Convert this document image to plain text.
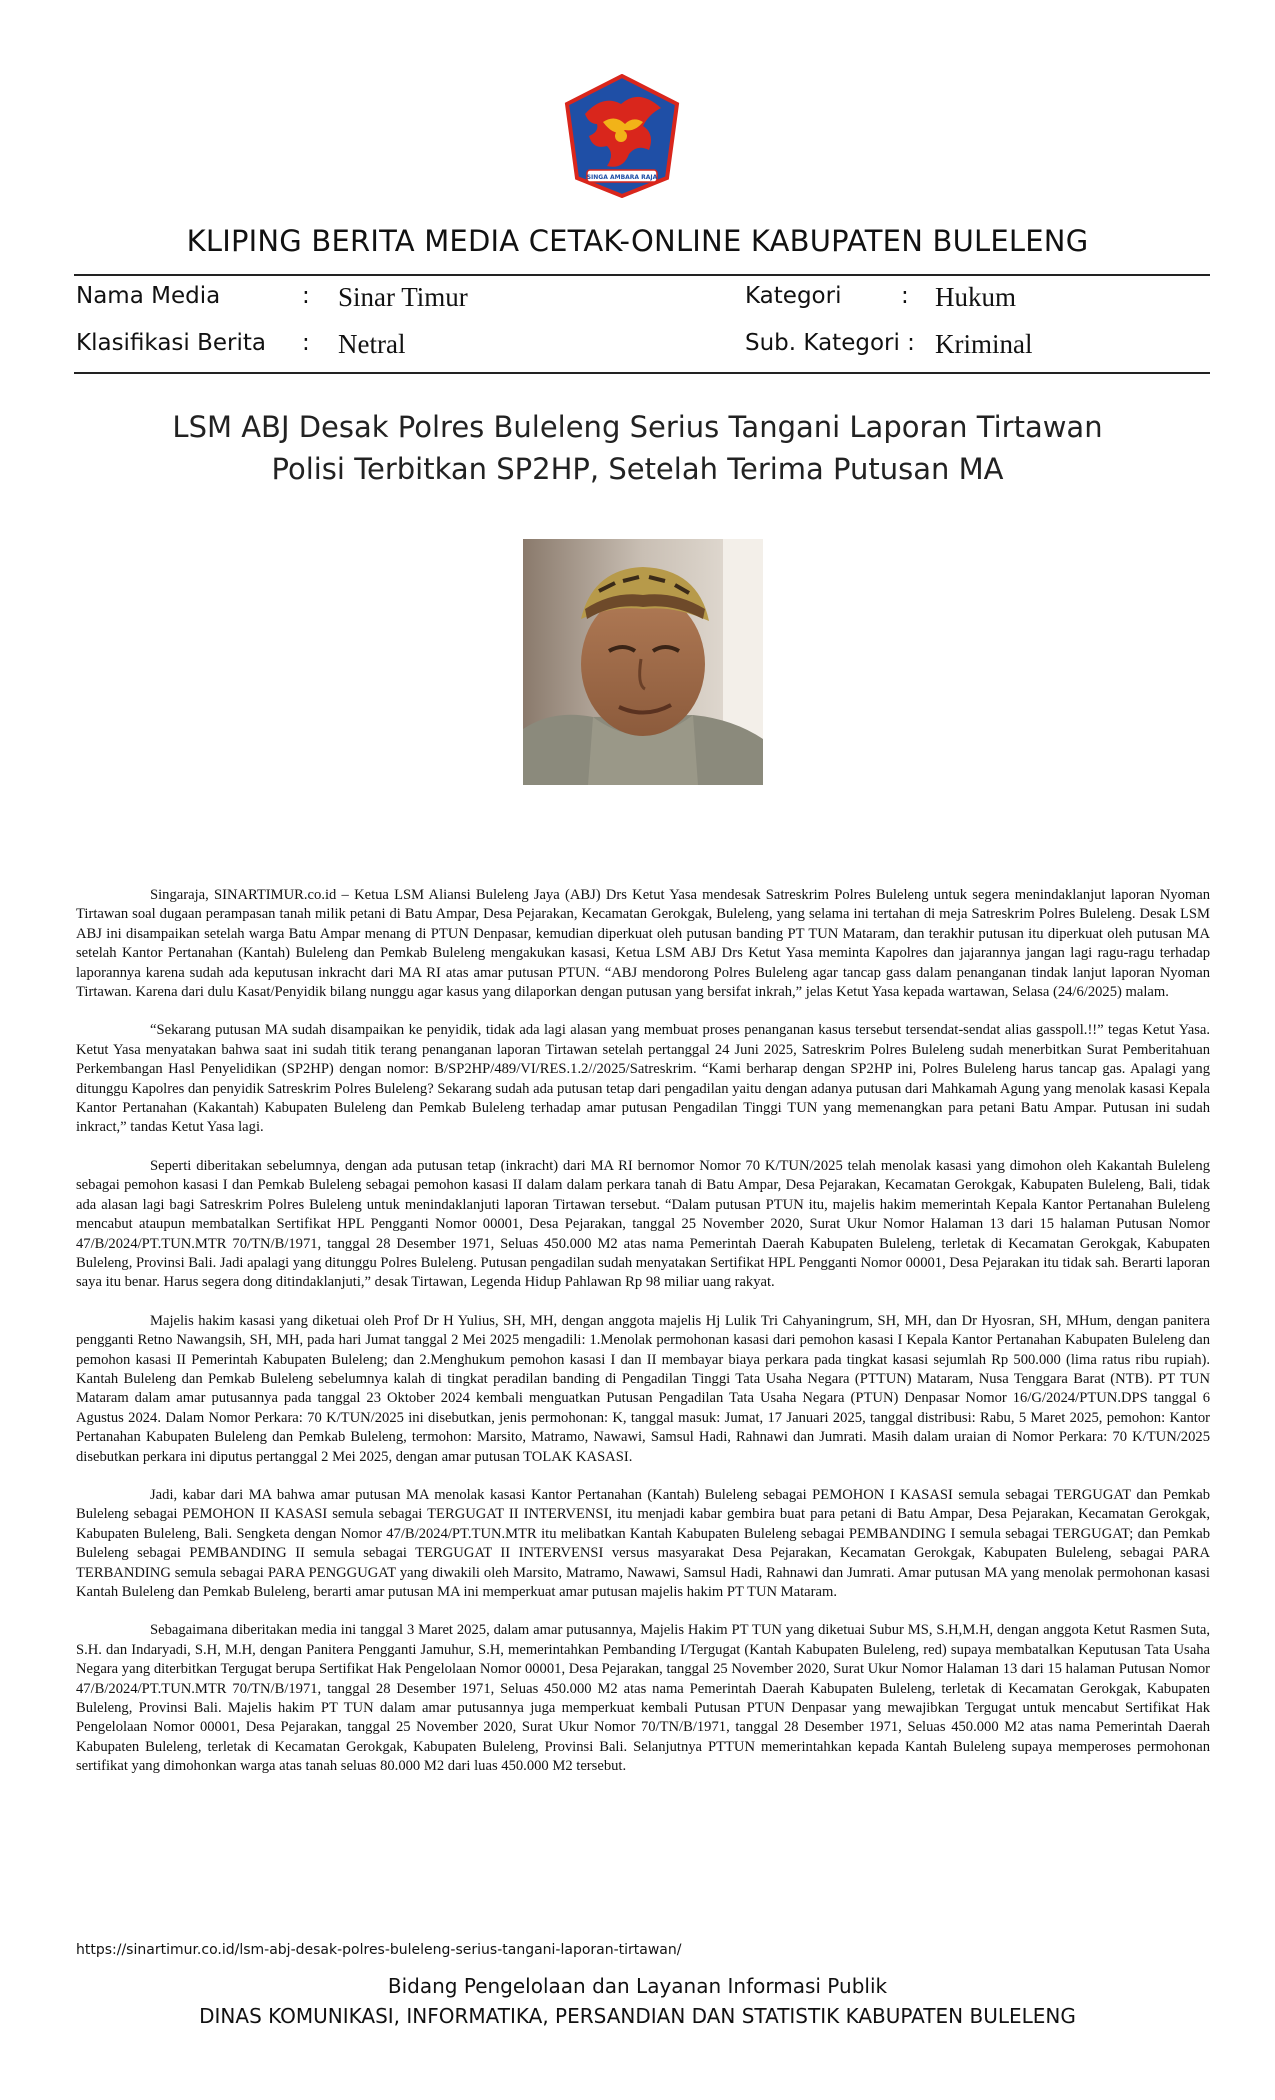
SINGA AMBARA RAJA
KLIPING BERITA MEDIA CETAK-ONLINE KABUPATEN BULELENG
Nama Media	: Sinar Timur	Kategori	: Hukum
Klasifikasi Berita : Netral	Sub. Kategori : Kriminal
LSM ABJ Desak Polres Buleleng Serius Tangani Laporan Tirtawan
Polisi Terbitkan SP2HP, Setelah Terima Putusan MA

Singaraja, SINARTIMUR.co.id – Ketua LSM Aliansi Buleleng Jaya (ABJ) Drs Ketut Yasa mendesak Satreskrim Polres Buleleng untuk segera menindaklanjut laporan Nyoman Tirtawan soal dugaan perampasan tanah milik petani di Batu Ampar, Desa Pejarakan, Kecamatan Gerokgak, Buleleng, yang selama ini tertahan di meja Satreskrim Polres Buleleng. Desak LSM ABJ ini disampaikan setelah warga Batu Ampar menang di PTUN Denpasar, kemudian diperkuat oleh putusan banding PT TUN Mataram, dan terakhir putusan itu diperkuat oleh putusan MA setelah Kantor Pertanahan (Kantah) Buleleng dan Pemkab Buleleng mengakukan kasasi, Ketua LSM ABJ Drs Ketut Yasa meminta Kapolres dan jajarannya jangan lagi ragu-ragu terhadap laporannya karena sudah ada keputusan inkracht dari MA RI atas amar putusan PTUN. “ABJ mendorong Polres Buleleng agar tancap gass dalam penanganan tindak lanjut laporan Nyoman Tirtawan. Karena dari dulu Kasat/Penyidik bilang nunggu agar kasus yang dilaporkan dengan putusan yang bersifat inkrah,” jelas Ketut Yasa kepada wartawan, Selasa (24/6/2025) malam.

“Sekarang putusan MA sudah disampaikan ke penyidik, tidak ada lagi alasan yang membuat proses penanganan kasus tersebut tersendat-sendat alias gasspoll.!!” tegas Ketut Yasa. Ketut Yasa menyatakan bahwa saat ini sudah titik terang penanganan laporan Tirtawan setelah pertanggal 24 Juni 2025, Satreskrim Polres Buleleng sudah menerbitkan Surat Pemberitahuan Perkembangan Hasl Penyelidikan (SP2HP) dengan nomor: B/SP2HP/489/VI/RES.1.2//2025/Satreskrim. “Kami berharap dengan SP2HP ini, Polres Buleleng harus tancap gas. Apalagi yang ditunggu Kapolres dan penyidik Satreskrim Polres Buleleng? Sekarang sudah ada putusan tetap dari pengadilan yaitu dengan adanya putusan dari Mahkamah Agung yang menolak kasasi Kepala Kantor Pertanahan (Kakantah) Kabupaten Buleleng dan Pemkab Buleleng terhadap amar putusan Pengadilan Tinggi TUN yang memenangkan para petani Batu Ampar. Putusan ini sudah inkract,” tandas Ketut Yasa lagi.

Seperti diberitakan sebelumnya, dengan ada putusan tetap (inkracht) dari MA RI bernomor Nomor 70 K/TUN/2025 telah menolak kasasi yang dimohon oleh Kakantah Buleleng sebagai pemohon kasasi I dan Pemkab Buleleng sebagai pemohon kasasi II dalam dalam perkara tanah di Batu Ampar, Desa Pejarakan, Kecamatan Gerokgak, Kabupaten Buleleng, Bali, tidak ada alasan lagi bagi Satreskrim Polres Buleleng untuk menindaklanjuti laporan Tirtawan tersebut. “Dalam putusan PTUN itu, majelis hakim memerintah Kepala Kantor Pertanahan Buleleng mencabut ataupun membatalkan Sertifikat HPL Pengganti Nomor 00001, Desa Pejarakan, tanggal 25 November 2020, Surat Ukur Nomor Halaman 13 dari 15 halaman Putusan Nomor 47/B/2024/PT.TUN.MTR 70/TN/B/1971, tanggal 28 Desember 1971, Seluas 450.000 M2 atas nama Pemerintah Daerah Kabupaten Buleleng, terletak di Kecamatan Gerokgak, Kabupaten Buleleng, Provinsi Bali. Jadi apalagi yang ditunggu Polres Buleleng. Putusan pengadilan sudah menyatakan Sertifikat HPL Pengganti Nomor 00001, Desa Pejarakan itu tidak sah. Berarti laporan saya itu benar. Harus segera dong ditindaklanjuti,” desak Tirtawan, Legenda Hidup Pahlawan Rp 98 miliar uang rakyat.

Majelis hakim kasasi yang diketuai oleh Prof Dr H Yulius, SH, MH, dengan anggota majelis Hj Lulik Tri Cahyaningrum, SH, MH, dan Dr Hyosran, SH, MHum, dengan panitera pengganti Retno Nawangsih, SH, MH, pada hari Jumat tanggal 2 Mei 2025 mengadili: 1.Menolak permohonan kasasi dari pemohon kasasi I Kepala Kantor Pertanahan Kabupaten Buleleng dan pemohon kasasi II Pemerintah Kabupaten Buleleng; dan 2.Menghukum pemohon kasasi I dan II membayar biaya perkara pada tingkat kasasi sejumlah Rp 500.000 (lima ratus ribu rupiah). Kantah Buleleng dan Pemkab Buleleng sebelumnya kalah di tingkat peradilan banding di Pengadilan Tinggi Tata Usaha Negara (PTTUN) Mataram, Nusa Tenggara Barat (NTB). PT TUN Mataram dalam amar putusannya pada tanggal 23 Oktober 2024 kembali menguatkan Putusan Pengadilan Tata Usaha Negara (PTUN) Denpasar Nomor 16/G/2024/PTUN.DPS tanggal 6 Agustus 2024. Dalam Nomor Perkara: 70 K/TUN/2025 ini disebutkan, jenis permohonan: K, tanggal masuk: Jumat, 17 Januari 2025, tanggal distribusi: Rabu, 5 Maret 2025, pemohon: Kantor Pertanahan Kabupaten Buleleng dan Pemkab Buleleng, termohon: Marsito, Matramo, Nawawi, Samsul Hadi, Rahnawi dan Jumrati. Masih dalam uraian di Nomor Perkara: 70 K/TUN/2025 disebutkan perkara ini diputus pertanggal 2 Mei 2025, dengan amar putusan TOLAK KASASI.

Jadi, kabar dari MA bahwa amar putusan MA menolak kasasi Kantor Pertanahan (Kantah) Buleleng sebagai PEMOHON I KASASI semula sebagai TERGUGAT dan Pemkab Buleleng sebagai PEMOHON II KASASI semula sebagai TERGUGAT II INTERVENSI, itu menjadi kabar gembira buat para petani di Batu Ampar, Desa Pejarakan, Kecamatan Gerokgak, Kabupaten Buleleng, Bali. Sengketa dengan Nomor 47/B/2024/PT.TUN.MTR itu melibatkan Kantah Kabupaten Buleleng sebagai PEMBANDING I semula sebagai TERGUGAT; dan Pemkab Buleleng sebagai PEMBANDING II semula sebagai TERGUGAT II INTERVENSI versus masyarakat Desa Pejarakan, Kecamatan Gerokgak, Kabupaten Buleleng, sebagai PARA TERBANDING semula sebagai PARA PENGGUGAT yang diwakili oleh Marsito, Matramo, Nawawi, Samsul Hadi, Rahnawi dan Jumrati. Amar putusan MA yang menolak permohonan kasasi Kantah Buleleng dan Pemkab Buleleng, berarti amar putusan MA ini memperkuat amar putusan majelis hakim PT TUN Mataram.

Sebagaimana diberitakan media ini tanggal 3 Maret 2025, dalam amar putusannya, Majelis Hakim PT TUN yang diketuai Subur MS, S.H,M.H, dengan anggota Ketut Rasmen Suta, S.H. dan Indaryadi, S.H, M.H, dengan Panitera Pengganti Jamuhur, S.H, memerintahkan Pembanding I/Tergugat (Kantah Kabupaten Buleleng, red) supaya membatalkan Keputusan Tata Usaha Negara yang diterbitkan Tergugat berupa Sertifikat Hak Pengelolaan Nomor 00001, Desa Pejarakan, tanggal 25 November 2020, Surat Ukur Nomor Halaman 13 dari 15 halaman Putusan Nomor 47/B/2024/PT.TUN.MTR 70/TN/B/1971, tanggal 28 Desember 1971, Seluas 450.000 M2 atas nama Pemerintah Daerah Kabupaten Buleleng, terletak di Kecamatan Gerokgak, Kabupaten Buleleng, Provinsi Bali. Majelis hakim PT TUN dalam amar putusannya juga memperkuat kembali Putusan PTUN Denpasar yang mewajibkan Tergugat untuk mencabut Sertifikat Hak Pengelolaan Nomor 00001, Desa Pejarakan, tanggal 25 November 2020, Surat Ukur Nomor 70/TN/B/1971, tanggal 28 Desember 1971, Seluas 450.000 M2 atas nama Pemerintah Daerah Kabupaten Buleleng, terletak di Kecamatan Gerokgak, Kabupaten Buleleng, Provinsi Bali. Selanjutnya PTTUN memerintahkan kepada Kantah Buleleng supaya memperoses permohonan sertifikat yang dimohonkan warga atas tanah seluas 80.000 M2 dari luas 450.000 M2 tersebut.

https://sinartimur.co.id/lsm-abj-desak-polres-buleleng-serius-tangani-laporan-tirtawan/
Bidang Pengelolaan dan Layanan Informasi Publik
DINAS KOMUNIKASI, INFORMATIKA, PERSANDIAN DAN STATISTIK KABUPATEN BULELENG
